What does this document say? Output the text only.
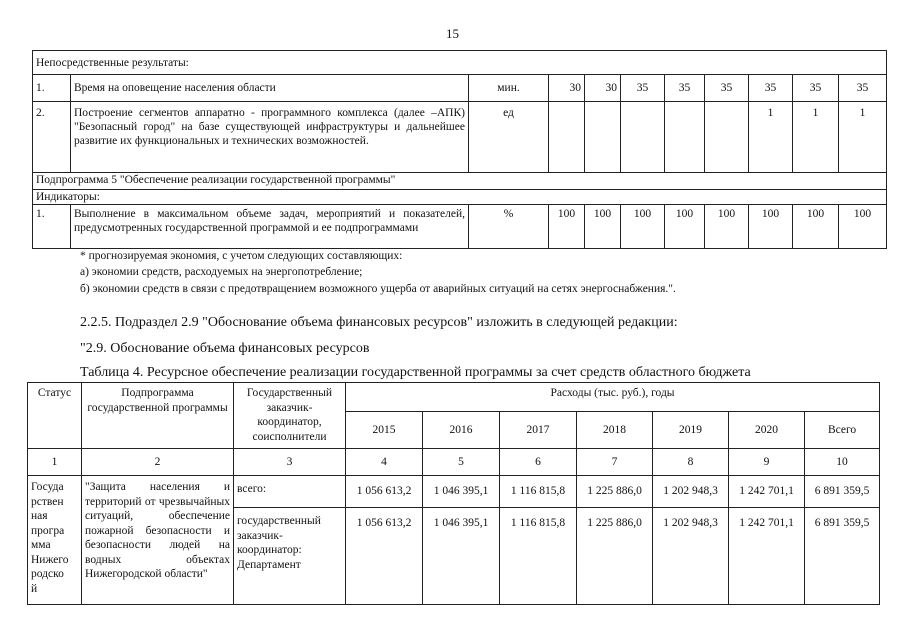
15
Непосредственные результаты:										
1.	Время на оповещение населения области	мин.	30	30	35	35	35	35	35	35
2.	Построение сегментов аппаратно - программного комплекса (далее –АПК) "Безопасный город" на базе существующей инфраструктуры и дальнейшее развитие их функциональных и технических возможностей.	ед						1	1	1
Подпрограмма 5 "Обеспечение реализации государственной программы"										
Индикаторы:										
1.	Выполнение в максимальном объеме задач, мероприятий и показателей, предусмотренных государственной программой и ее подпрограммами	%	100	100	100	100	100	100	100	100
* прогнозируемая экономия, с учетом следующих составляющих:
а) экономии средств, расходуемых на энергопотребление;
б) экономии средств в связи с предотвращением возможного ущерба от аварийных ситуаций на сетях энергоснабжения.".
2.2.5. Подраздел 2.9 "Обоснование объема финансовых ресурсов" изложить в следующей редакции:
"2.9. Обоснование объема финансовых ресурсов
Таблица 4. Ресурсное обеспечение реализации государственной программы за счет средств областного бюджета
Статус	Подпрограмма государственной программы	Государственный заказчик-координатор, соисполнители	Расходы (тыс. руб.), годы						
			2015	2016	2017	2018	2019	2020	Всего
1	2	3	4	5	6	7	8	9	10

Государственная программа Нижегородской	"Защита населения и территорий от чрезвычайных ситуаций, обеспечение пожарной безопасности и безопасности людей на водных объектах Нижегородской области"	всего:	1 056 613,2	1 046 395,1	1 116 815,8	1 225 886,0	1 202 948,3	1 242 701,1	6 891 359,5
		государственный заказчик-координатор: Департамент	1 056 613,2	1 046 395,1	1 116 815,8	1 225 886,0	1 202 948,3	1 242 701,1	6 891 359,5
